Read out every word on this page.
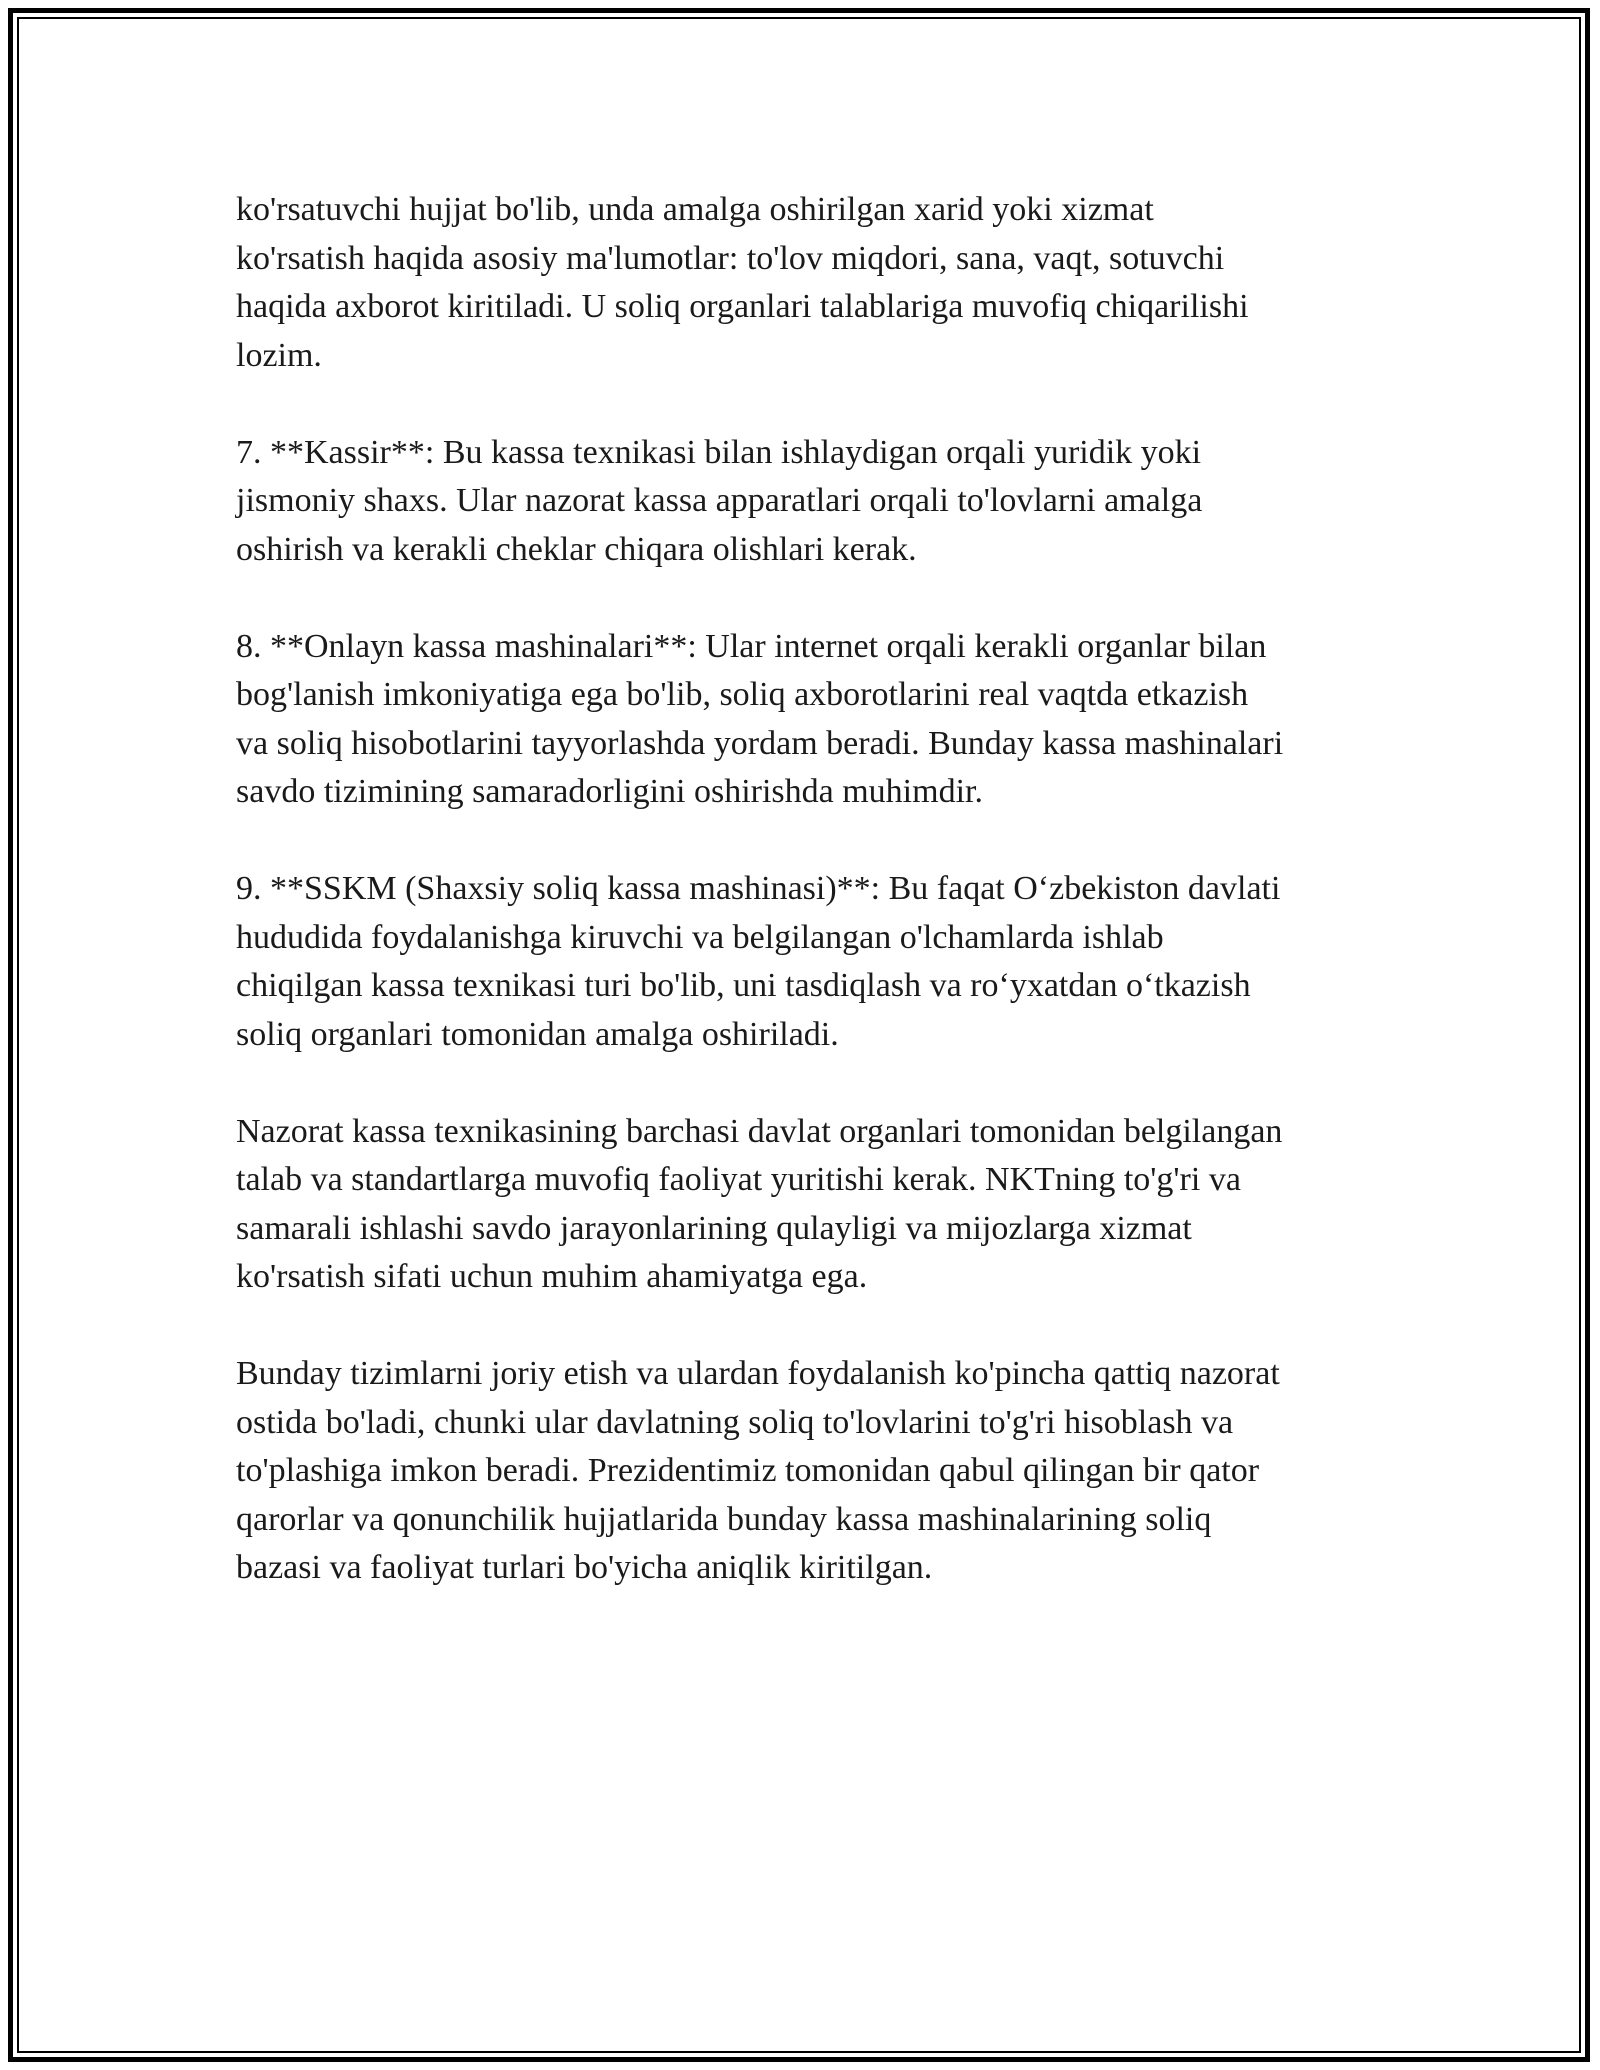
ko'rsatuvchi hujjat bo'lib, unda amalga oshirilgan xarid yoki xizmat
ko'rsatish haqida asosiy ma'lumotlar: to'lov miqdori, sana, vaqt, sotuvchi
haqida axborot kiritiladi. U soliq organlari talablariga muvofiq chiqarilishi
lozim.

7. **Kassir**: Bu kassa texnikasi bilan ishlaydigan orqali yuridik yoki
jismoniy shaxs. Ular nazorat kassa apparatlari orqali to'lovlarni amalga
oshirish va kerakli cheklar chiqara olishlari kerak.

8. **Onlayn kassa mashinalari**: Ular internet orqali kerakli organlar bilan
bog'lanish imkoniyatiga ega bo'lib, soliq axborotlarini real vaqtda etkazish
va soliq hisobotlarini tayyorlashda yordam beradi. Bunday kassa mashinalari
savdo tizimining samaradorligini oshirishda muhimdir.

9. **SSKM (Shaxsiy soliq kassa mashinasi)**: Bu faqat O‘zbekiston davlati
hududida foydalanishga kiruvchi va belgilangan o'lchamlarda ishlab
chiqilgan kassa texnikasi turi bo'lib, uni tasdiqlash va ro‘yxatdan o‘tkazish
soliq organlari tomonidan amalga oshiriladi.

Nazorat kassa texnikasining barchasi davlat organlari tomonidan belgilangan
talab va standartlarga muvofiq faoliyat yuritishi kerak. NKTning to'g'ri va
samarali ishlashi savdo jarayonlarining qulayligi va mijozlarga xizmat
ko'rsatish sifati uchun muhim ahamiyatga ega.

Bunday tizimlarni joriy etish va ulardan foydalanish ko'pincha qattiq nazorat
ostida bo'ladi, chunki ular davlatning soliq to'lovlarini to'g'ri hisoblash va
to'plashiga imkon beradi. Prezidentimiz tomonidan qabul qilingan bir qator
qarorlar va qonunchilik hujjatlarida bunday kassa mashinalarining soliq
bazasi va faoliyat turlari bo'yicha aniqlik kiritilgan.
